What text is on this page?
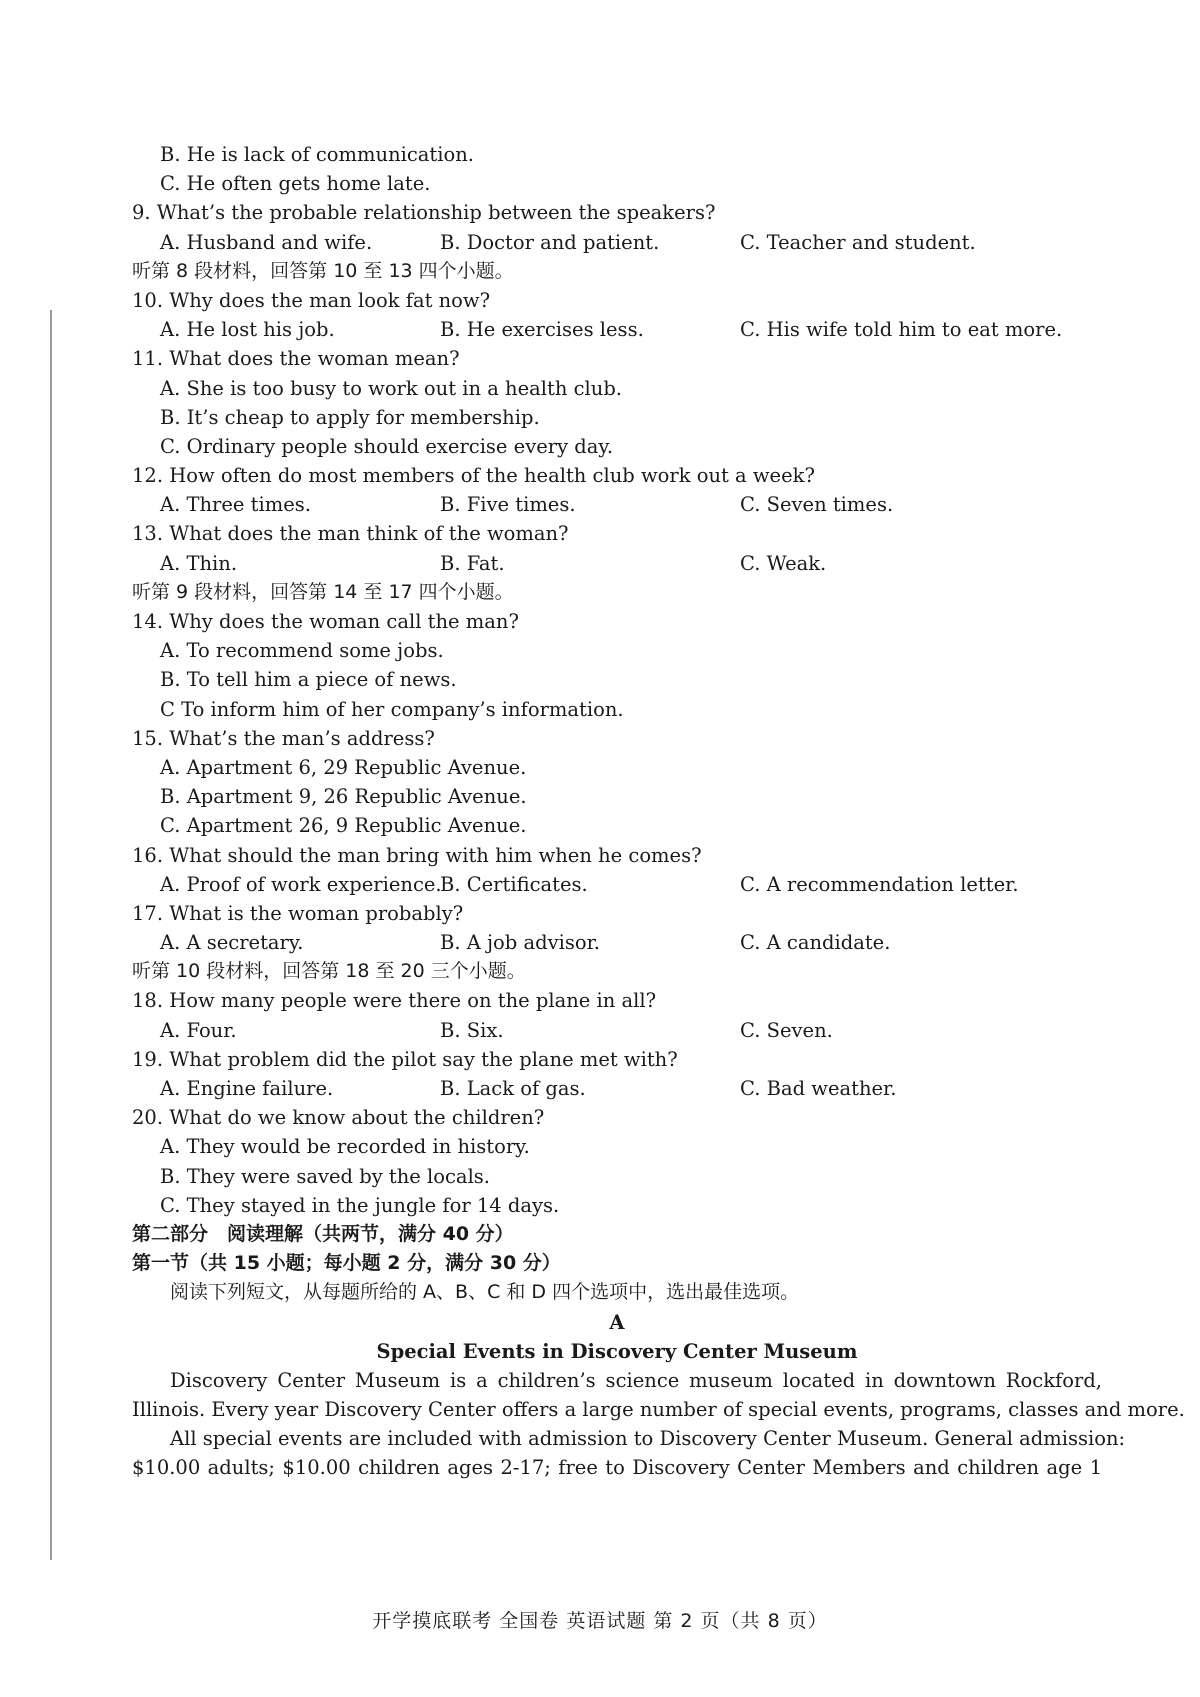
B. He is lack of communication.
C. He often gets home late.
9. What’s the probable relationship between the speakers?
A. Husband and wife.	B. Doctor and patient.	C. Teacher and student.
听第 8 段材料，回答第 10 至 13 四个小题。
10. Why does the man look fat now?
A. He lost his job.	B. He exercises less.	C. His wife told him to eat more.
11. What does the woman mean?
A. She is too busy to work out in a health club.
B. It’s cheap to apply for membership.
C. Ordinary people should exercise every day.
12. How often do most members of the health club work out a week?
A. Three times.	B. Five times.	C. Seven times.
13. What does the man think of the woman?
A. Thin.	B. Fat.	C. Weak.
听第 9 段材料，回答第 14 至 17 四个小题。
14. Why does the woman call the man?
A. To recommend some jobs.
B. To tell him a piece of news.
C To inform him of her company’s information.
15. What’s the man’s address?
A. Apartment 6, 29 Republic Avenue.
B. Apartment 9, 26 Republic Avenue.
C. Apartment 26, 9 Republic Avenue.
16. What should the man bring with him when he comes?
A. Proof of work experience.
B. Certificates.	C. A recommendation letter.
17. What is the woman probably?
A. A secretary.	B. A job advisor.	C. A candidate.
听第 10 段材料，回答第 18 至 20 三个小题。
18. How many people were there on the plane in all?
A. Four.	B. Six.	C. Seven.
19. What problem did the pilot say the plane met with?
A. Engine failure.	B. Lack of gas.	C. Bad weather.
20. What do we know about the children?
A. They would be recorded in history.
B. They were saved by the locals.
C. They stayed in the jungle for 14 days.
第二部分　阅读理解（共两节，满分 40 分）
第一节（共 15 小题；每小题 2 分，满分 30 分）
阅读下列短文，从每题所给的 A、B、C 和 D 四个选项中，选出最佳选项。
A
Special Events in Discovery Center Museum
Discovery Center Museum is a children’s science museum located in downtown Rockford,
Illinois. Every year Discovery Center offers a large number of special events, programs, classes and more.
All special events are included with admission to Discovery Center Museum. General admission:
$10.00 adults; $10.00 children ages 2-17; free to Discovery Center Members and children age 1
开学摸底联考 全国卷 英语试题 第 2 页（共 8 页）
